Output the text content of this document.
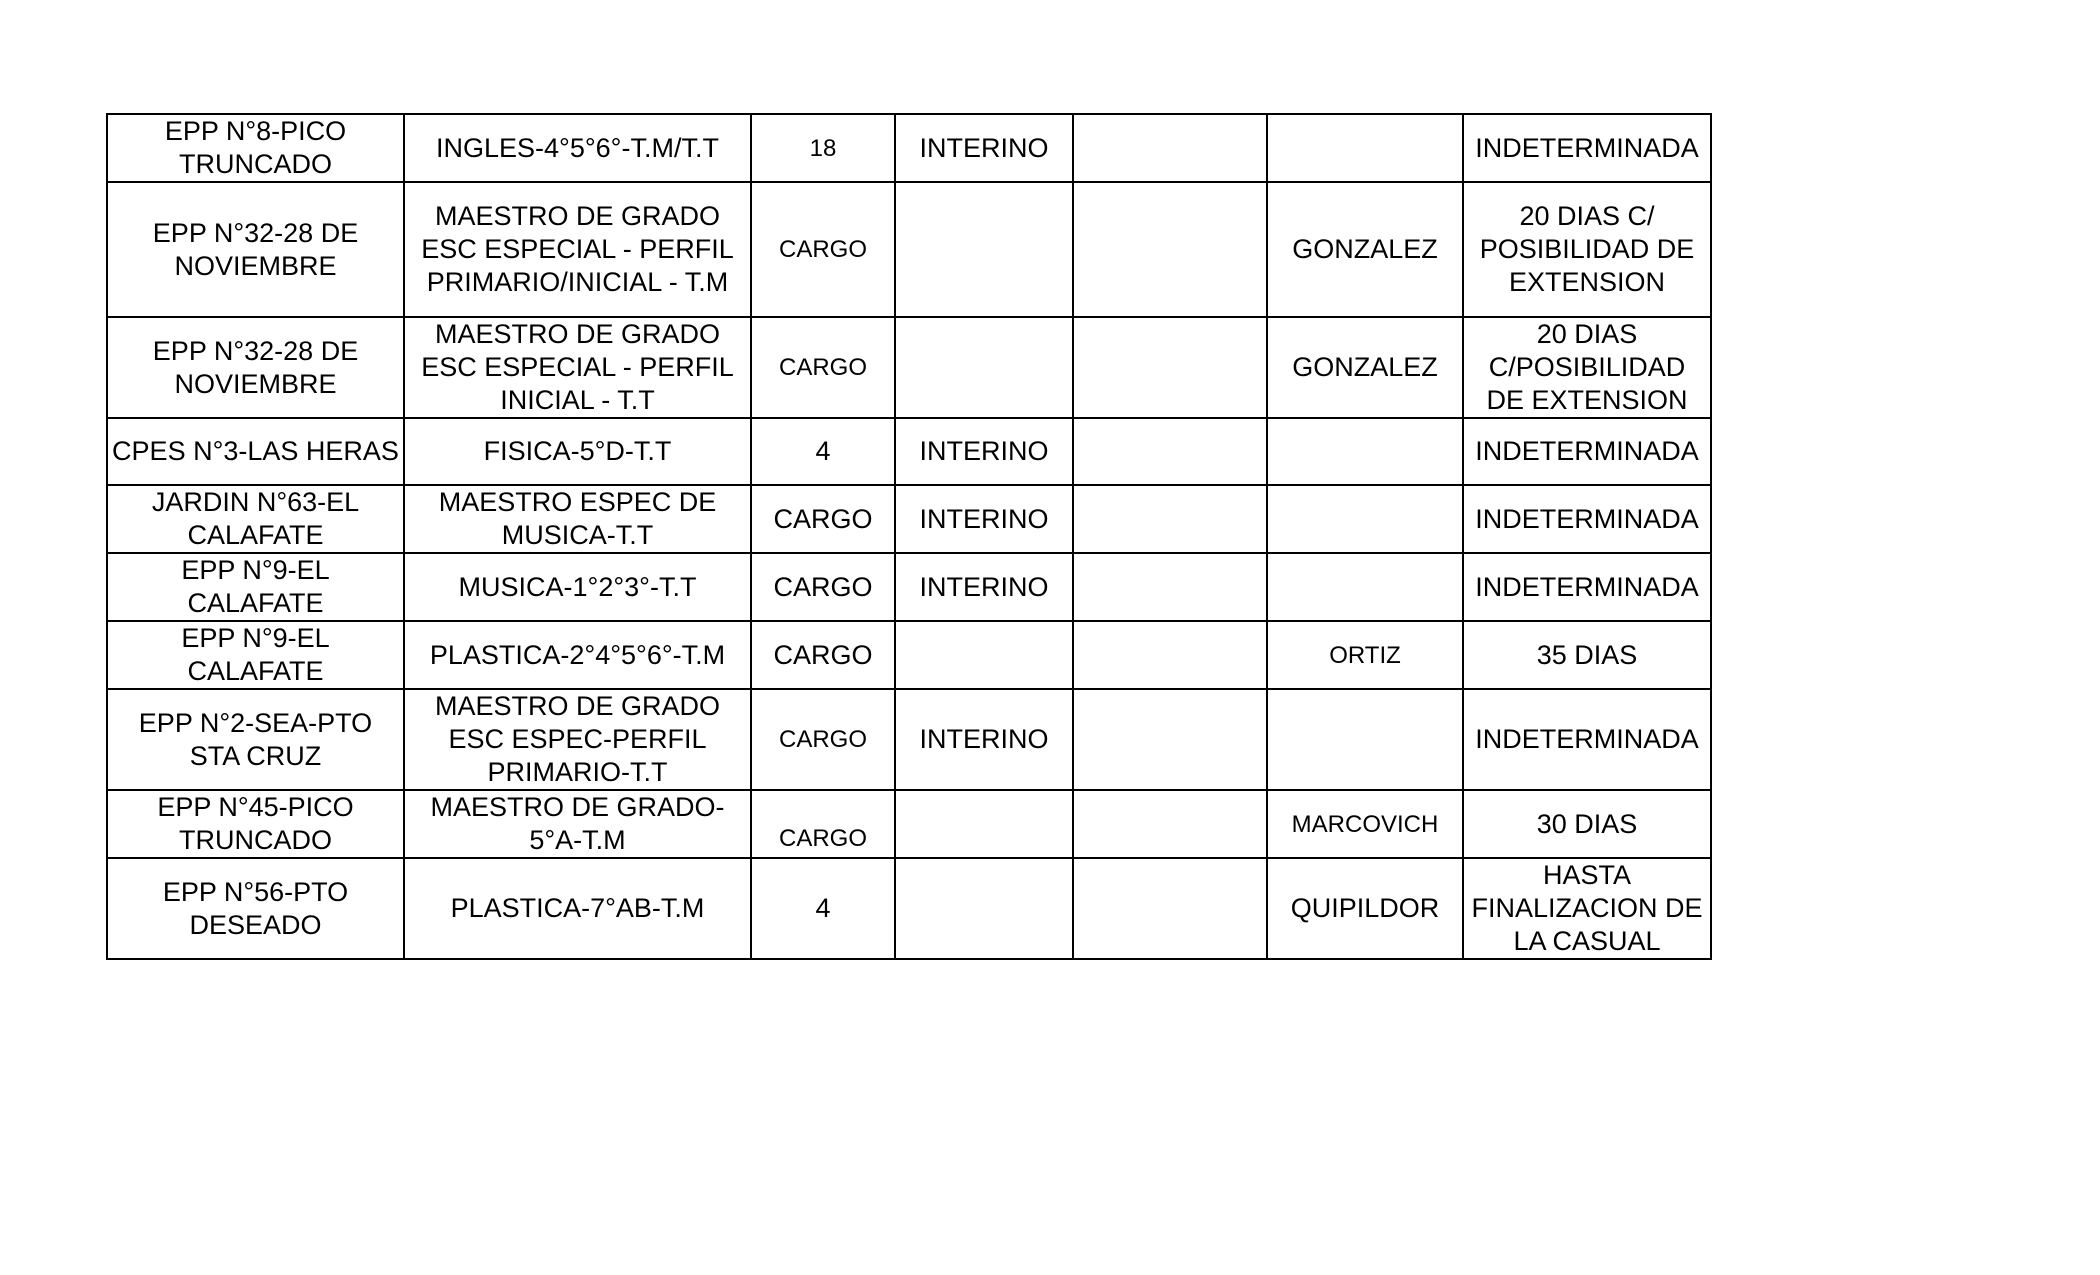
EPP N°8-PICO TRUNCADO	INGLES-4°5°6°-T.M/T.T	18	INTERINO			INDETERMINADA
EPP N°32-28 DE NOVIEMBRE	MAESTRO DE GRADO ESC ESPECIAL - PERFIL PRIMARIO/INICIAL - T.M	CARGO			GONZALEZ	20 DIAS C/ POSIBILIDAD DE EXTENSION
EPP N°32-28 DE NOVIEMBRE	MAESTRO DE GRADO ESC ESPECIAL - PERFIL INICIAL - T.T	CARGO			GONZALEZ	20 DIAS C/POSIBILIDAD DE EXTENSION
CPES N°3-LAS HERAS	FISICA-5°D-T.T	4	INTERINO			INDETERMINADA
JARDIN N°63-EL CALAFATE	MAESTRO ESPEC DE MUSICA-T.T	CARGO	INTERINO			INDETERMINADA
EPP N°9-EL CALAFATE	MUSICA-1°2°3°-T.T	CARGO	INTERINO			INDETERMINADA
EPP N°9-EL CALAFATE	PLASTICA-2°4°5°6°-T.M	CARGO			ORTIZ	35 DIAS
EPP N°2-SEA-PTO STA CRUZ	MAESTRO DE GRADO ESC ESPEC-PERFIL PRIMARIO-T.T	CARGO	INTERINO			INDETERMINADA
EPP N°45-PICO TRUNCADO	MAESTRO DE GRADO-5°A-T.M	CARGO			MARCOVICH	30 DIAS
EPP N°56-PTO DESEADO	PLASTICA-7°AB-T.M	4			QUIPILDOR	HASTA FINALIZACION DE LA CASUAL
